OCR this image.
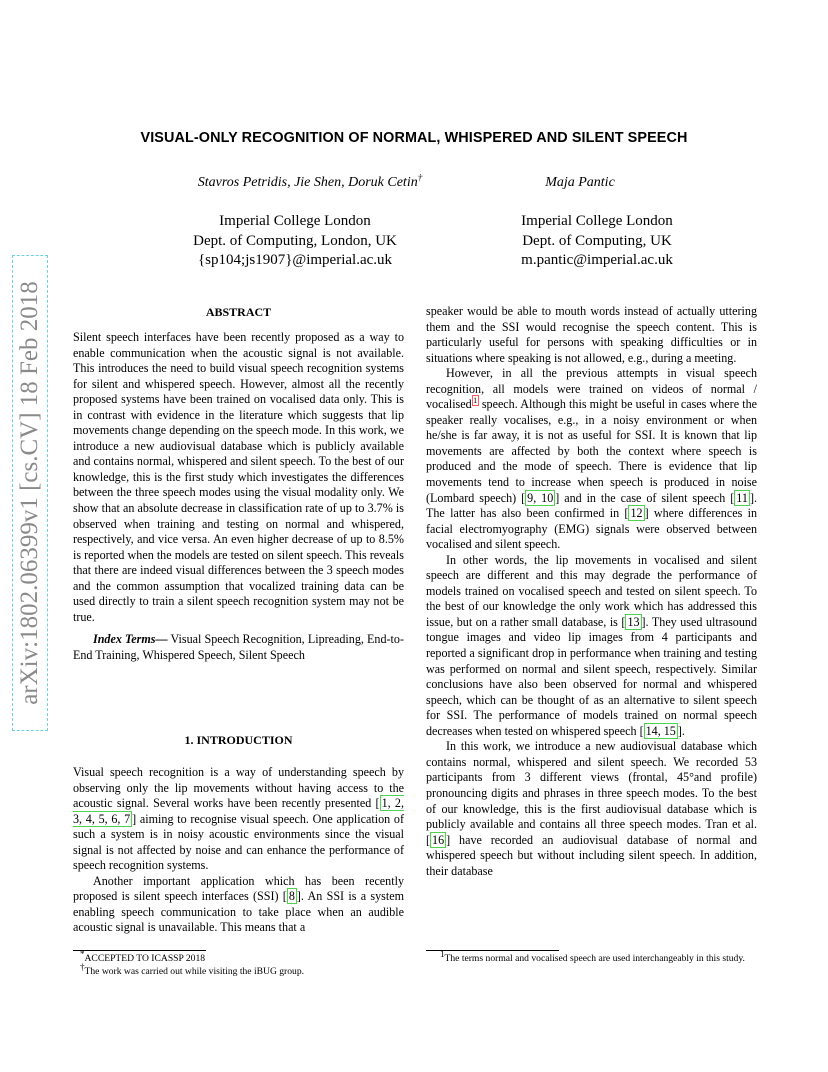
arXiv:1802.06399v1 [cs.CV] 18 Feb 2018
VISUAL-ONLY RECOGNITION OF NORMAL, WHISPERED AND SILENT SPEECH
Stavros Petridis, Jie Shen, Doruk Cetin†	Maja Pantic
Imperial College London
Dept. of Computing, London, UK
{sp104;js1907}@imperial.ac.uk
Imperial College London
Dept. of Computing, UK
m.pantic@imperial.ac.uk
ABSTRACT

Silent speech interfaces have been recently proposed as a way to enable communication when the acoustic signal is not available. This introduces the need to build visual speech recognition systems for silent and whispered speech. However, almost all the recently proposed systems have been trained on vocalised data only. This is in contrast with evidence in the literature which suggests that lip movements change depending on the speech mode. In this work, we introduce a new audiovisual database which is publicly available and contains normal, whispered and silent speech. To the best of our knowledge, this is the first study which investigates the differences between the three speech modes using the visual modality only. We show that an absolute decrease in classification rate of up to 3.7% is observed when training and testing on normal and whispered, respectively, and vice versa. An even higher decrease of up to 8.5% is reported when the models are tested on silent speech. This reveals that there are indeed visual differences between the 3 speech modes and the common assumption that vocalized training data can be used directly to train a silent speech recognition system may not be true.

Index Terms— Visual Speech Recognition, Lipreading, End-to-End Training, Whispered Speech, Silent Speech

1. INTRODUCTION

Visual speech recognition is a way of understanding speech by observing only the lip movements without having access to the acoustic signal. Several works have been recently presented [ 1, 2, 3, 4, 5, 6, 7 ] aiming to recognise visual speech. One application of such a system is in noisy acoustic environments since the visual signal is not affected by noise and can enhance the performance of speech recognition systems.

Another important application which has been recently proposed is silent speech interfaces (SSI) [ 8 ]. An SSI is a system enabling speech communication to take place when an audible acoustic signal is unavailable. This means that a

*ACCEPTED TO ICASSP 2018
†The work was carried out while visiting the iBUG group.

speaker would be able to mouth words instead of actually uttering them and the SSI would recognise the speech content. This is particularly useful for persons with speaking difficulties or in situations where speaking is not allowed, e.g., during a meeting.

However, in all the previous attempts in visual speech recognition, all models were trained on videos of normal / vocalised $^1$ speech. Although this might be useful in cases where the speaker really vocalises, e.g., in a noisy environment or when he/she is far away, it is not as useful for SSI. It is known that lip movements are affected by both the context where speech is produced and the mode of speech. There is evidence that lip movements tend to increase when speech is produced in noise (Lombard speech) [ 9, 10 ] and in the case of silent speech [ 11 ]. The latter has also been confirmed in [ 12 ] where differences in facial electromyography (EMG) signals were observed between vocalised and silent speech.

In other words, the lip movements in vocalised and silent speech are different and this may degrade the performance of models trained on vocalised speech and tested on silent speech. To the best of our knowledge the only work which has addressed this issue, but on a rather small database, is [ 13 ]. They used ultrasound tongue images and video lip images from 4 participants and reported a significant drop in performance when training and testing was performed on normal and silent speech, respectively. Similar conclusions have also been observed for normal and whispered speech, which can be thought of as an alternative to silent speech for SSI. The performance of models trained on normal speech decreases when tested on whispered speech [ 14, 15 ].

In this work, we introduce a new audiovisual database which contains normal, whispered and silent speech. We recorded 53 participants from 3 different views (frontal, 45°and profile) pronouncing digits and phrases in three speech modes. To the best of our knowledge, this is the first audiovisual database which is publicly available and contains all three speech modes. Tran et al. [ 16 ] have recorded an audiovisual database of normal and whispered speech but without including silent speech. In addition, their database

1The terms normal and vocalised speech are used interchangeably in this study.
